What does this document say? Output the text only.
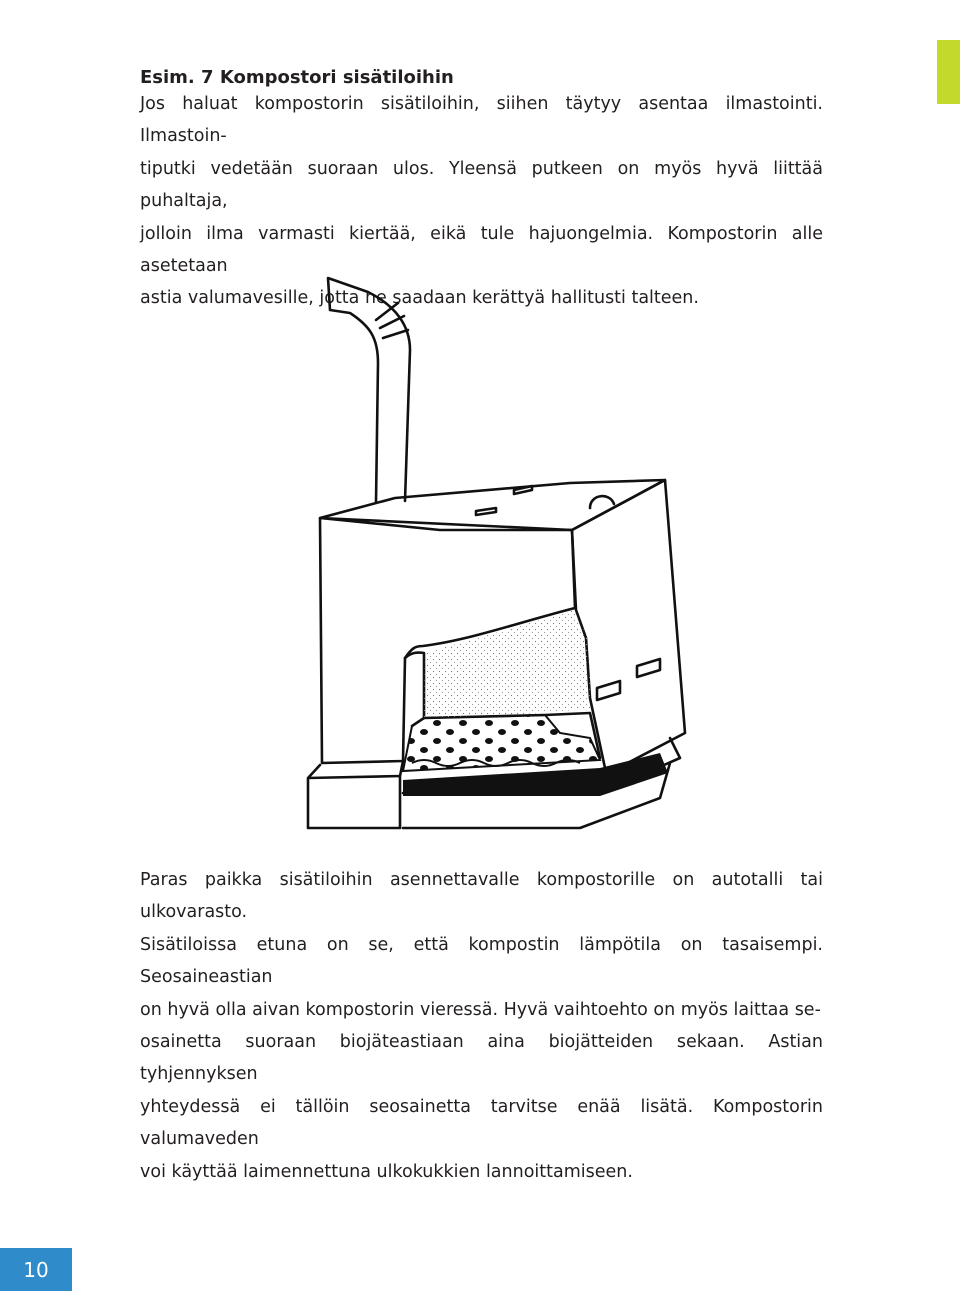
Esim. 7 Kompostori sisätiloihin

Jos haluat kompostorin sisätiloihin, siihen täytyy asentaa ilmastointi. Ilmastoin-
tiputki vedetään suoraan ulos. Yleensä putkeen on myös hyvä liittää puhaltaja,
jolloin ilma varmasti kiertää, eikä tule hajuongelmia. Kompostorin alle asetetaan
astia valumavesille, jotta ne saadaan kerättyä hallitusti talteen.

Paras paikka sisätiloihin asennettavalle kompostorille on autotalli tai ulkovarasto.
Sisätiloissa etuna on se, että kompostin lämpötila on tasaisempi. Seosaineastian
on hyvä olla aivan kompostorin vieressä. Hyvä vaihtoehto on myös laittaa se-
osainetta suoraan biojäteastiaan aina biojätteiden sekaan. Astian tyhjennyksen
yhteydessä ei tällöin seosainetta tarvitse enää lisätä. Kompostorin valumaveden
voi käyttää laimennettuna ulkokukkien lannoittamiseen.

10
